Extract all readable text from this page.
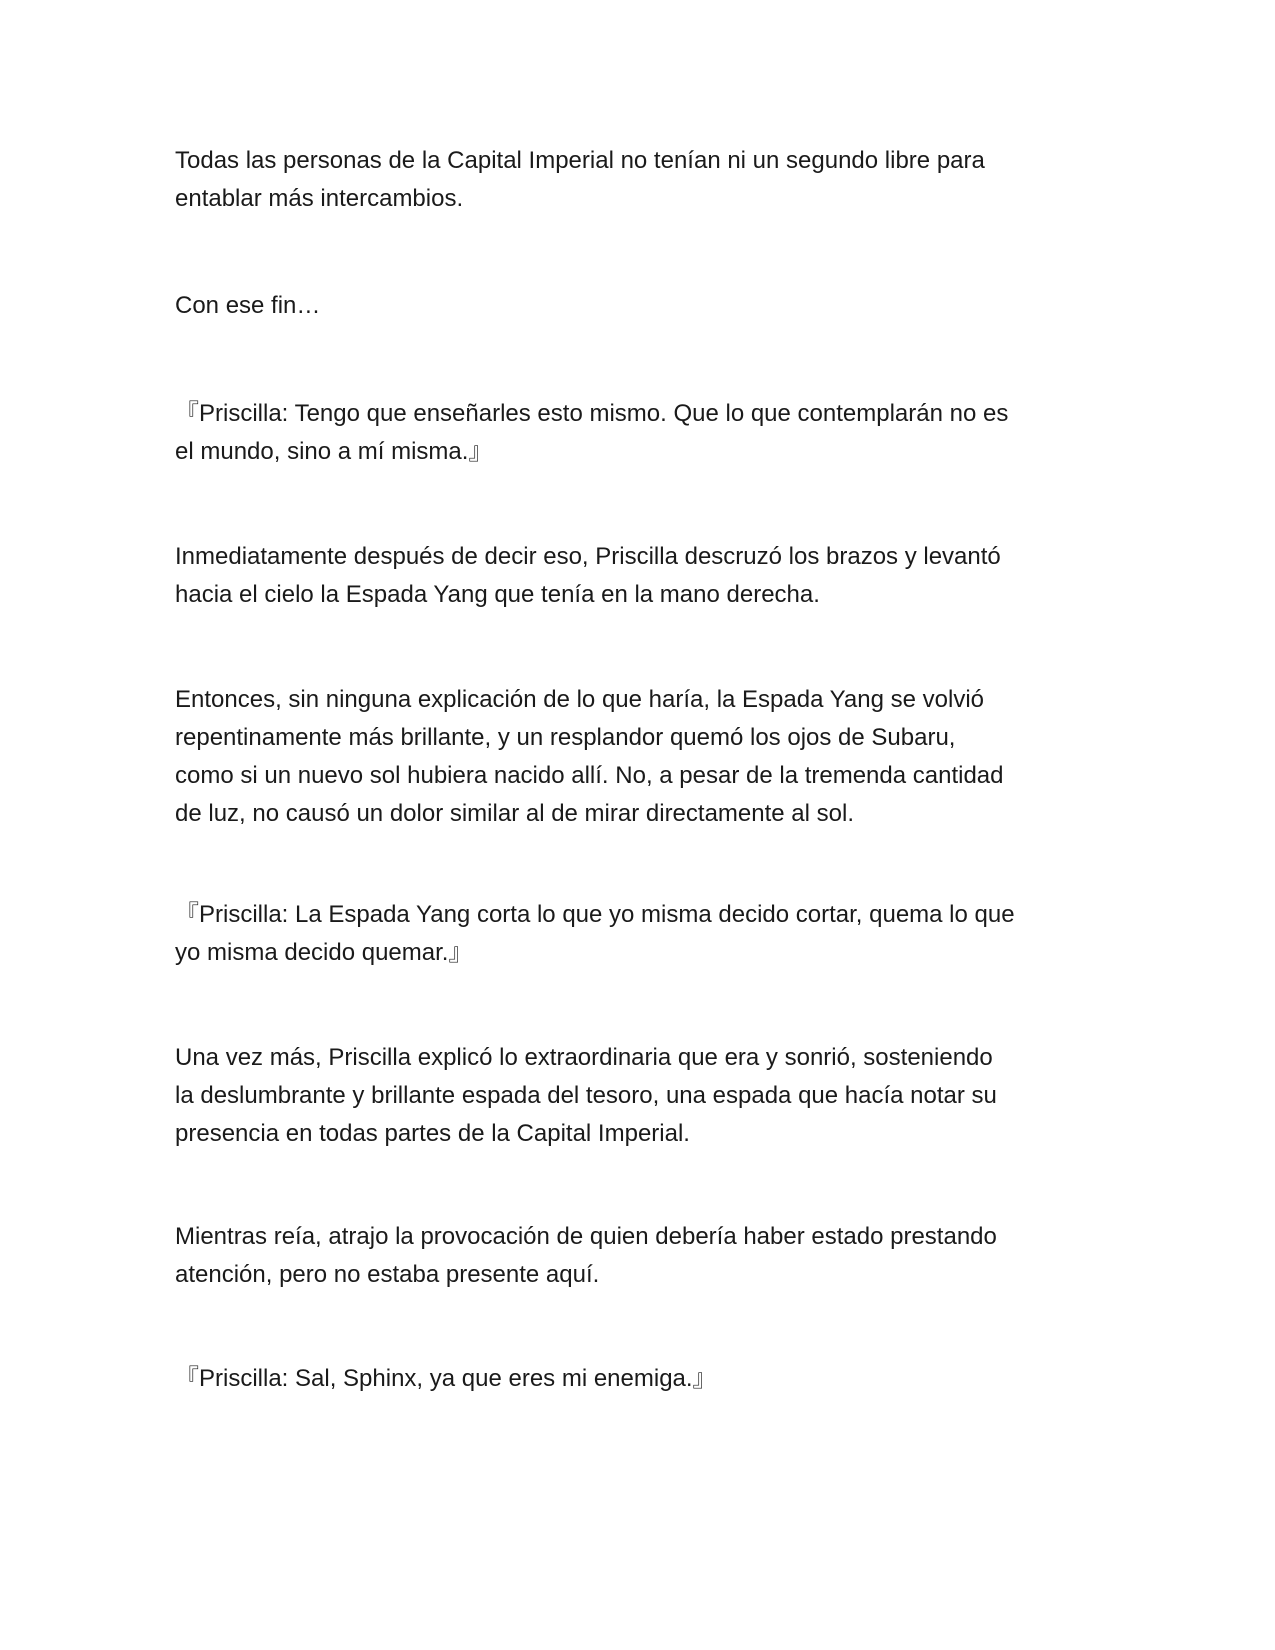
Todas las personas de la Capital Imperial no tenían ni un segundo libre para
entablar más intercambios.

Con ese fin…

『Priscilla: Tengo que enseñarles esto mismo. Que lo que contemplarán no es
el mundo, sino a mí misma.』

Inmediatamente después de decir eso, Priscilla descruzó los brazos y levantó
hacia el cielo la Espada Yang que tenía en la mano derecha.

Entonces, sin ninguna explicación de lo que haría, la Espada Yang se volvió
repentinamente más brillante, y un resplandor quemó los ojos de Subaru,
como si un nuevo sol hubiera nacido allí. No, a pesar de la tremenda cantidad
de luz, no causó un dolor similar al de mirar directamente al sol.

『Priscilla: La Espada Yang corta lo que yo misma decido cortar, quema lo que
yo misma decido quemar.』

Una vez más, Priscilla explicó lo extraordinaria que era y sonrió, sosteniendo
la deslumbrante y brillante espada del tesoro, una espada que hacía notar su
presencia en todas partes de la Capital Imperial.

Mientras reía, atrajo la provocación de quien debería haber estado prestando
atención, pero no estaba presente aquí.

『Priscilla: Sal, Sphinx, ya que eres mi enemiga.』
